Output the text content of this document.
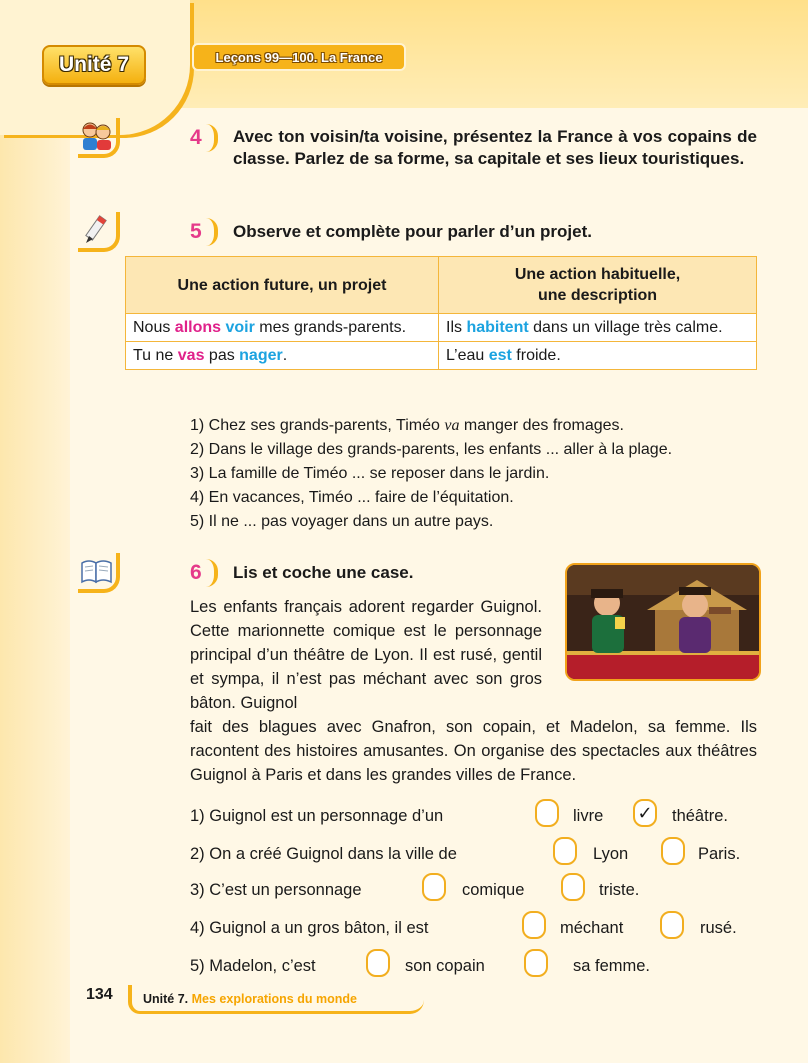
Unité 7	Leçons 99—100. La France
4	Avec ton voisin/ta voisine, présentez la France à vos copains de classe. Parlez de sa forme, sa capitale et ses lieux touristiques.
5	Observe et complète pour parler d’un projet.
Une action future, un projet	Une action habituelle,
une description
Nous allons voir mes grands-parents.	Ils habitent dans un village très calme.
Tu ne vas pas nager.	L’eau est froide.
1) Chez ses grands-parents, Timéo va manger des fromages.
2) Dans le village des grands-parents, les enfants ... aller à la plage.
3) La famille de Timéo ... se reposer dans le jardin.
4) En vacances, Timéo ... faire de l’équitation.
5) Il ne ... pas voyager dans un autre pays.
6	Lis et coche une case.
Les enfants français adorent regarder Guignol. Cette marionnette comique est le personnage principal d’un théâtre de Lyon. Il est rusé, gentil et sympa, il n’est pas méchant avec son gros bâton. Guignol
fait des blagues avec Gnafron, son copain, et Madelon, sa femme. Ils racontent des histoires amusantes. On organise des spectacles aux théâtres Guignol à Paris et dans les grandes villes de France.
1) Guignol est un personnage d’un	livre ✓ théâtre.
2) On a créé Guignol dans la ville de	Lyon	Paris.
3) C’est un personnage	comique	triste.
4) Guignol a un gros bâton, il est	méchant	rusé.
5) Madelon, c’est	son copain	sa femme.
134 Unité 7. Mes explorations du monde
